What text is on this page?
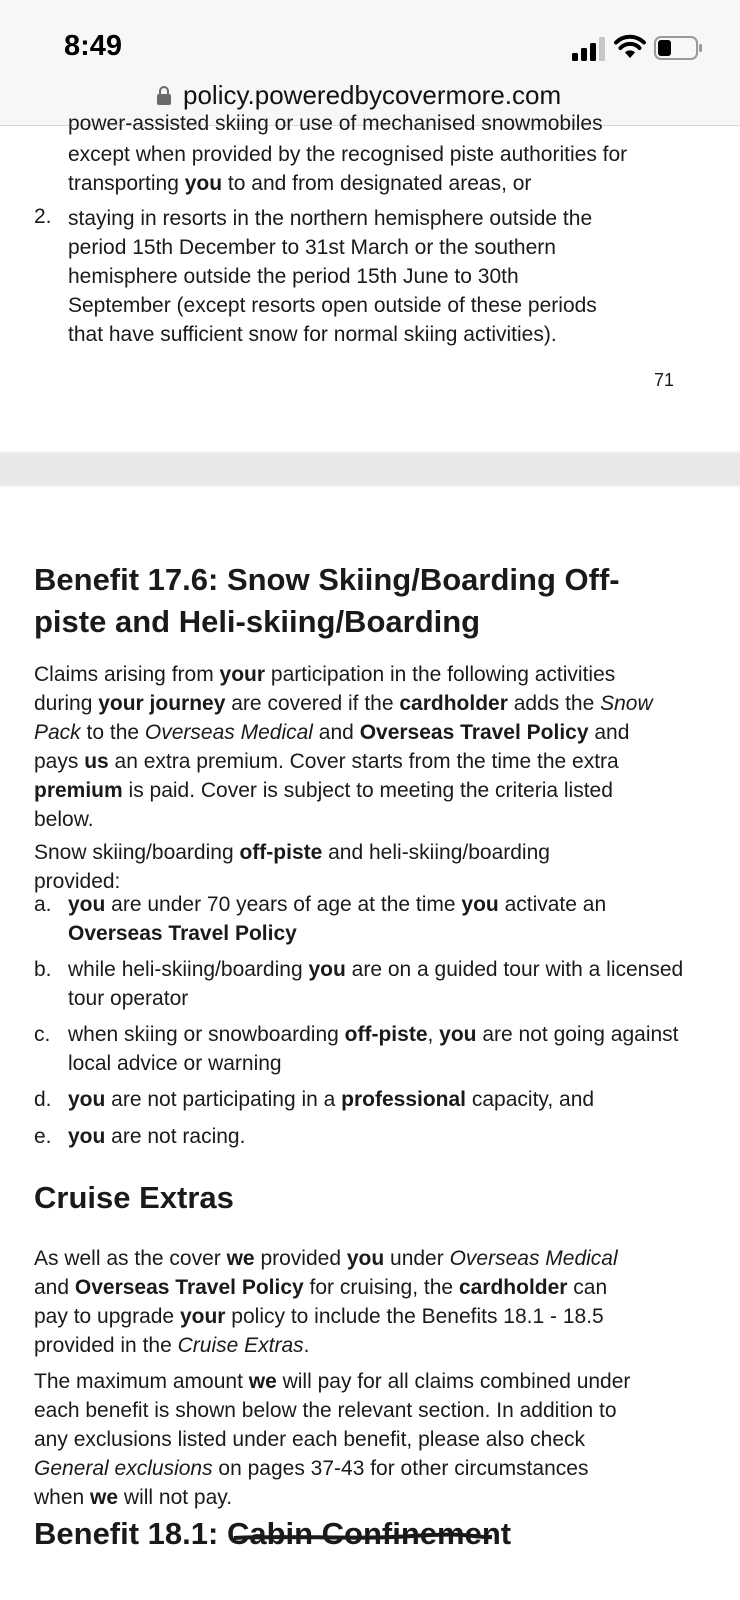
8:49
policy.poweredbycovermore.com
power-assisted skiing or use of mechanised snowmobiles
except when provided by the recognised piste authorities for
transporting you to and from designated areas, or
2. staying in resorts in the northern hemisphere outside the
period 15th December to 31st March or the southern
hemisphere outside the period 15th June to 30th
September (except resorts open outside of these periods
that have sufficient snow for normal skiing activities).
71
Benefit 17.6: Snow Skiing/Boarding Off-
piste and Heli-skiing/Boarding
Claims arising from your participation in the following activities during your journey are covered if the cardholder adds the Snow Pack to the Overseas Medical and Overseas Travel Policy and pays us an extra premium. Cover starts from the time the extra premium is paid. Cover is subject to meeting the criteria listed below.
Snow skiing/boarding off-piste and heli-skiing/boarding provided:
a. you are under 70 years of age at the time you activate an Overseas Travel Policy
b. while heli-skiing/boarding you are on a guided tour with a licensed tour operator
c. when skiing or snowboarding off-piste, you are not going against local advice or warning
d. you are not participating in a professional capacity, and
e. you are not racing.
Cruise Extras
As well as the cover we provided you under Overseas Medical and Overseas Travel Policy for cruising, the cardholder can pay to upgrade your policy to include the Benefits 18.1 - 18.5 provided in the Cruise Extras.
The maximum amount we will pay for all claims combined under each benefit is shown below the relevant section. In addition to any exclusions listed under each benefit, please also check General exclusions on pages 37-43 for other circumstances when we will not pay.
Benefit 18.1: Cabin Confinement
